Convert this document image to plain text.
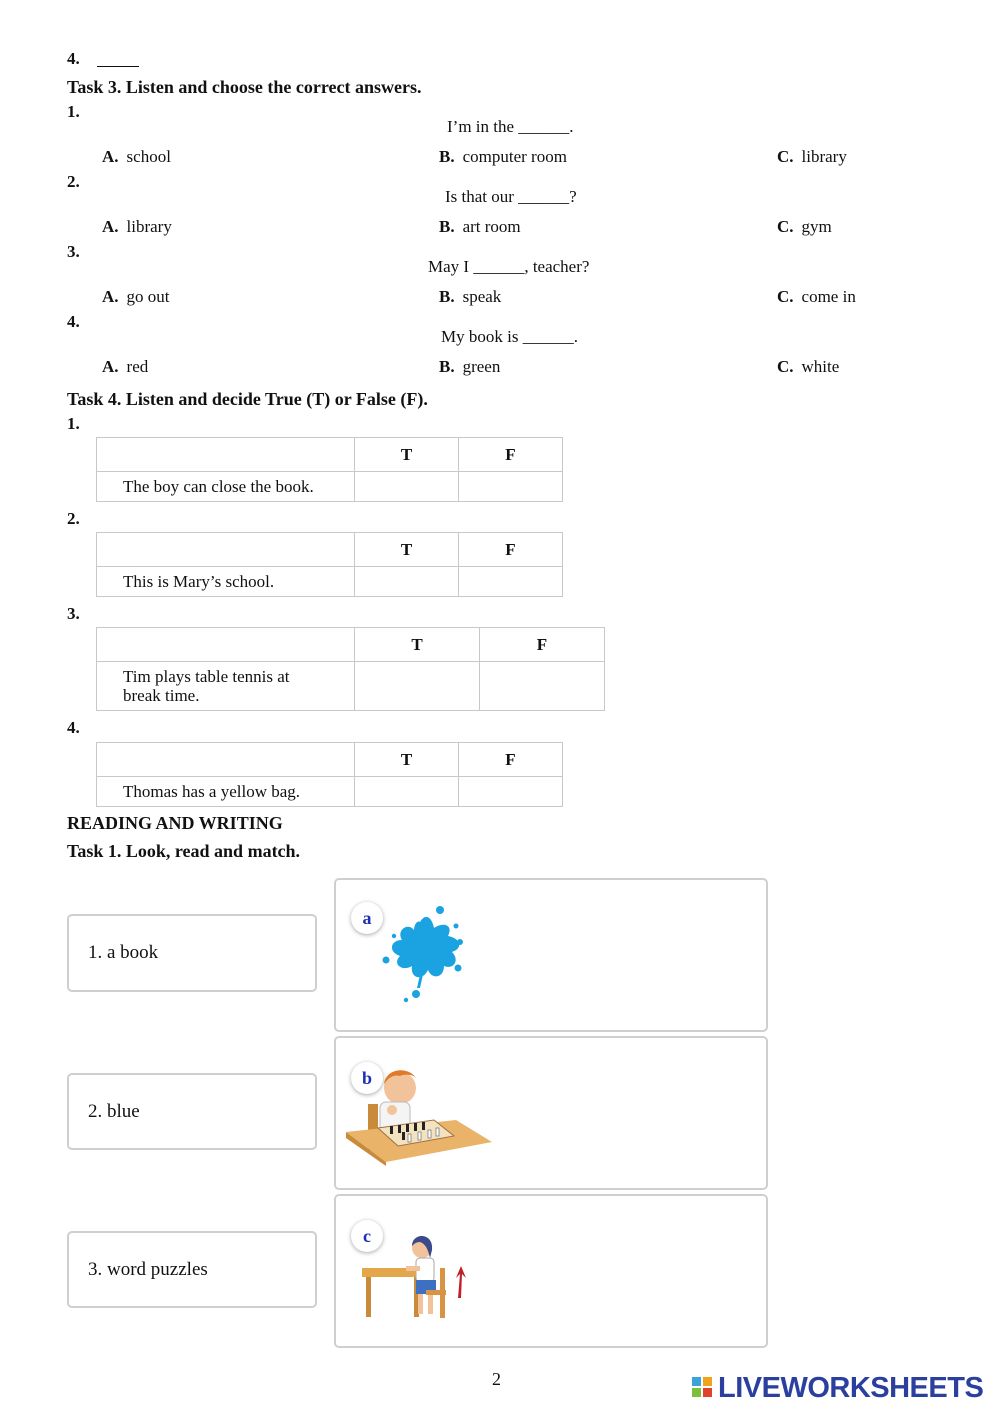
4.
Task 3. Listen and choose the correct answers.
1.
I’m in the ______.
A. school	B. computer room	C. library
2.
Is that our ______?
A. library	B. art room	C. gym
3.
May I ______, teacher?
A. go out	B. speak	C. come in
4.
My book is ______.
A. red	B. green	C. white
Task 4. Listen and decide True (T) or False (F).
1.
	T	F
The boy can close the book.		
2.
	T	F
This is Mary’s school.		
3.
	T	F
Tim plays table tennis at break time.		
4.
	T	F
Thomas has a yellow bag.		
READING AND WRITING
Task 1. Look, read and match.
1. a book
2. blue
3. word puzzles
a
b
c
2	LIVEWORKSHEETS
